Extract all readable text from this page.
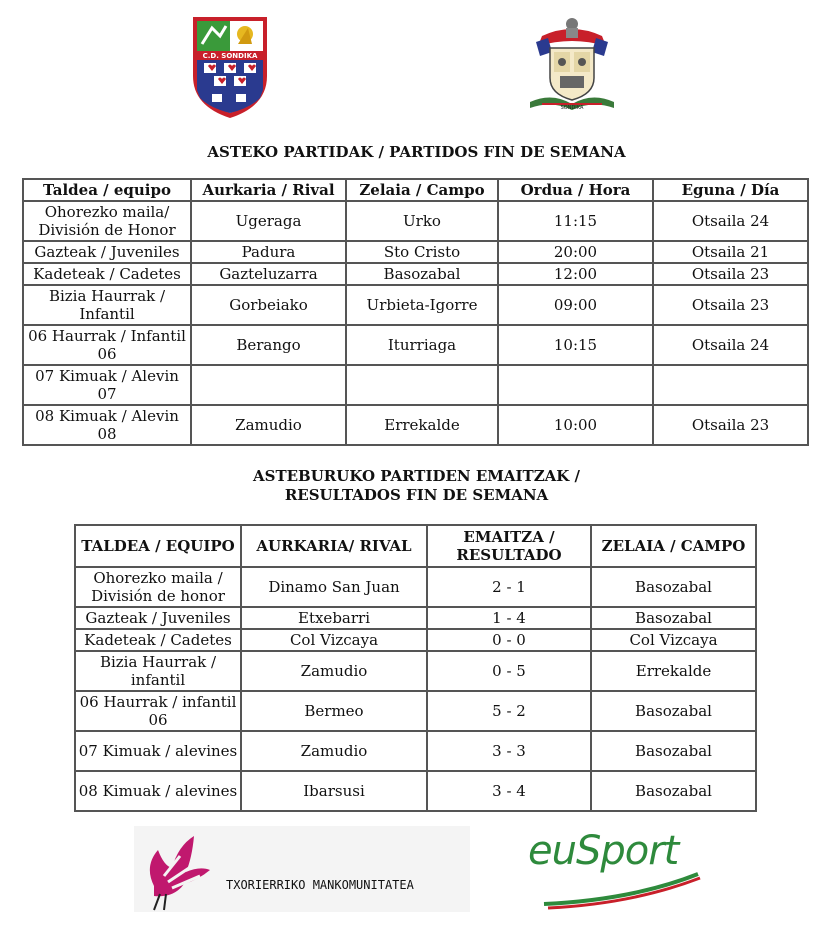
C.D. SONDIKA
SONDIKA
ASTEKO PARTIDAK / PARTIDOS FIN DE SEMANA
Taldea / equipo	Aurkaria / Rival	Zelaia / Campo	Ordua / Hora	Eguna / Día
Ohorezko maila/ División de Honor	Ugeraga	Urko	11:15	Otsaila 24
Gazteak / Juveniles	Padura	Sto Cristo	20:00	Otsaila 21
Kadeteak / Cadetes	Gazteluzarra	Basozabal	12:00	Otsaila 23
Bizia Haurrak / Infantil	Gorbeiako	Urbieta-Igorre	09:00	Otsaila 23
06 Haurrak / Infantil 06	Berango	Iturriaga	10:15	Otsaila 24
07 Kimuak / Alevin 07				
08 Kimuak / Alevin 08	Zamudio	Errekalde	10:00	Otsaila 23
ASTEBURUKO PARTIDEN EMAITZAK /
RESULTADOS FIN DE SEMANA
TALDEA / EQUIPO	AURKARIA/ RIVAL	EMAITZA / RESULTADO	ZELAIA / CAMPO
Ohorezko maila / División de honor	Dinamo San Juan	2 - 1	Basozabal
Gazteak / Juveniles	Etxebarri	1 - 4	Basozabal
Kadeteak / Cadetes	Col Vizcaya	0 - 0	Col Vizcaya
Bizia Haurrak / infantil	Zamudio	0 - 5	Errekalde
06 Haurrak / infantil 06	Bermeo	5 - 2	Basozabal
07 Kimuak / alevines	Zamudio	3 - 3	Basozabal
08 Kimuak / alevines	Ibarsusi	3 - 4	Basozabal
TXORIERRIKO MANKOMUNITATEA
euSport
